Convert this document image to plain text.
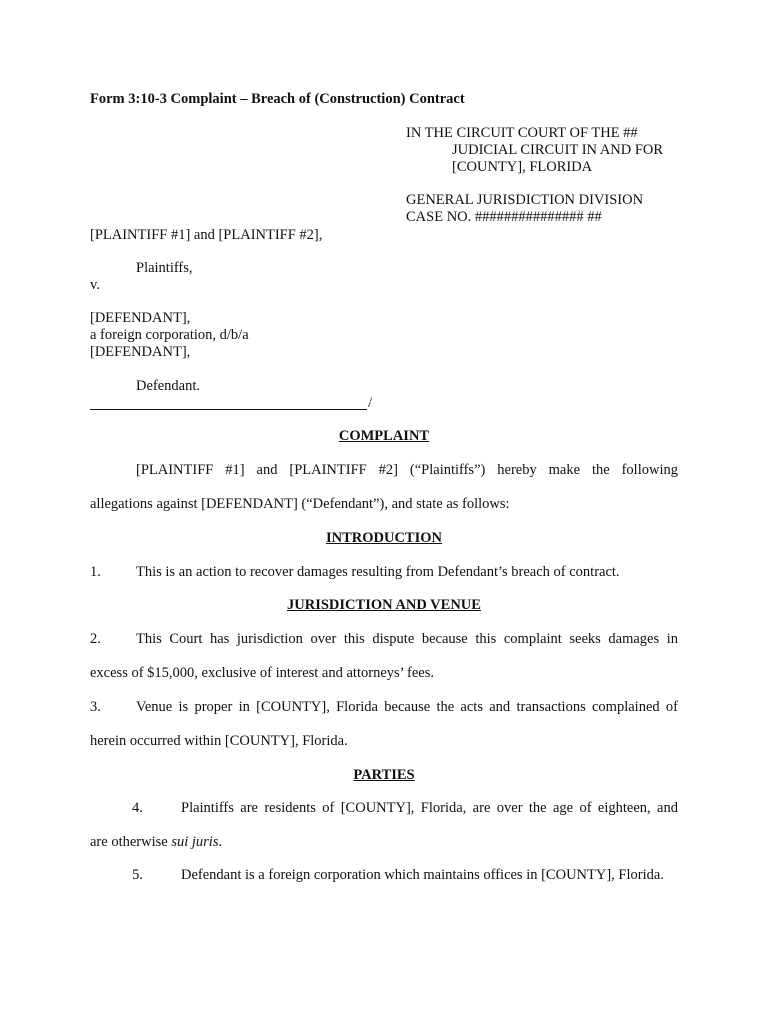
Form 3:10-3 Complaint – Breach of (Construction) Contract
IN THE CIRCUIT COURT OF THE ##
JUDICIAL CIRCUIT IN AND FOR
[COUNTY], FLORIDA
GENERAL JURISDICTION DIVISION
CASE NO. ############### ##
[PLAINTIFF #1] and [PLAINTIFF #2],
Plaintiffs,
v.
[DEFENDANT],
a foreign corporation, d/b/a
[DEFENDANT],
Defendant.
/
COMPLAINT
[PLAINTIFF #1] and [PLAINTIFF #2] (“Plaintiffs”) hereby make the following
allegations against [DEFENDANT] (“Defendant”), and state as follows:
INTRODUCTION
1. This is an action to recover damages resulting from Defendant’s breach of contract.
JURISDICTION AND VENUE
2. This Court has jurisdiction over this dispute because this complaint seeks damages in
excess of $15,000, exclusive of interest and attorneys’ fees.
3. Venue is proper in [COUNTY], Florida because the acts and transactions complained of
herein occurred within [COUNTY], Florida.
PARTIES
4.	Plaintiffs are residents of [COUNTY], Florida, are over the age of eighteen, and
are otherwise sui juris.
5.	Defendant is a foreign corporation which maintains offices in [COUNTY], Florida.
